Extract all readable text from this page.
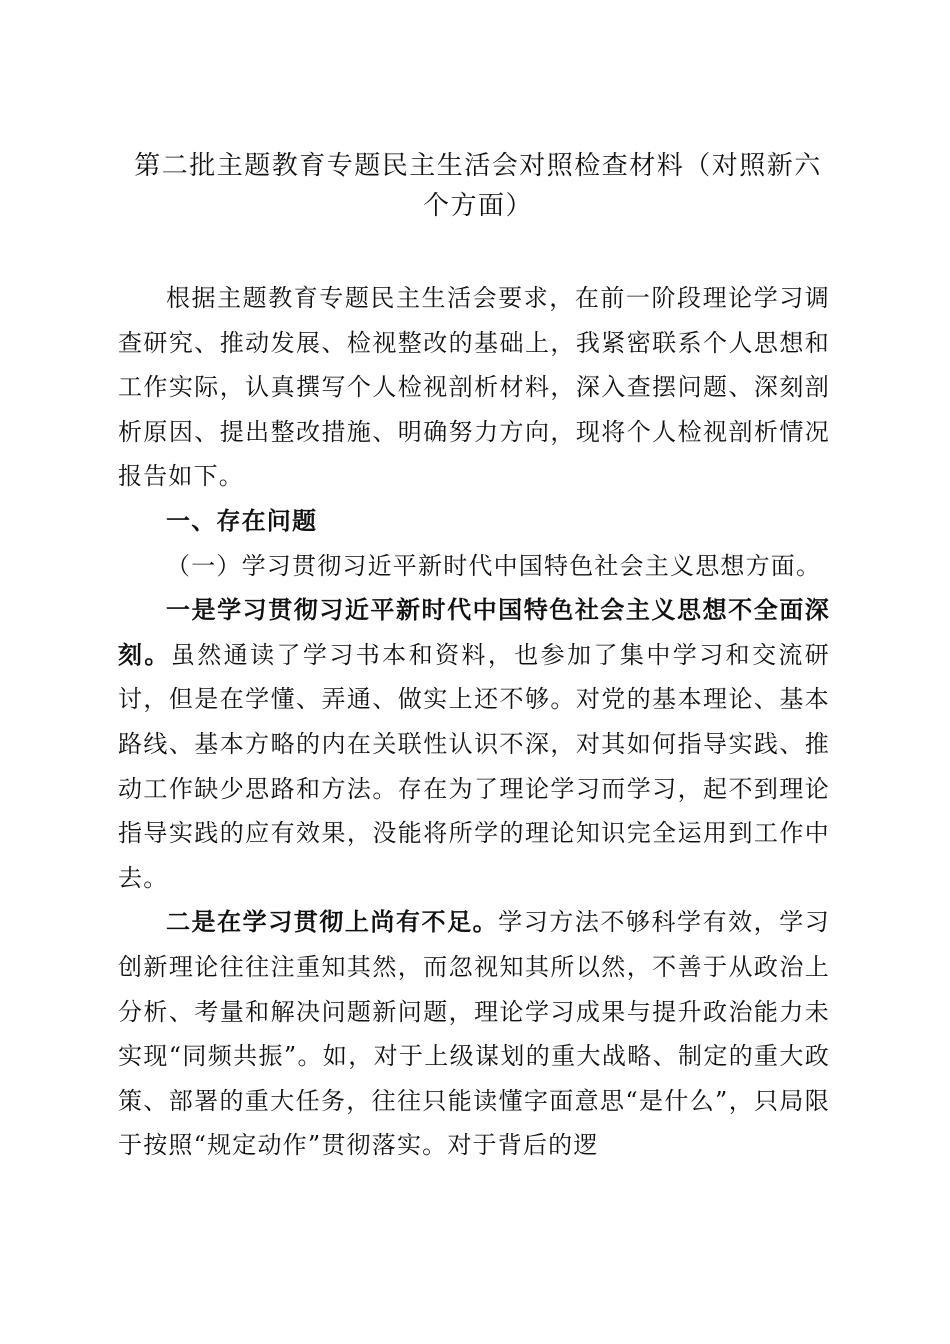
第二批主题教育专题民主生活会对照检查材料（对照新六个方面）

根据主题教育专题民主生活会要求，在前一阶段理论学习调查研究、推动发展、检视整改的基础上，我紧密联系个人思想和工作实际，认真撰写个人检视剖析材料，深入查摆问题、深刻剖析原因、提出整改措施、明确努力方向，现将个人检视剖析情况报告如下。

一、存在问题

（一）学习贯彻习近平新时代中国特色社会主义思想方面。

一是学习贯彻习近平新时代中国特色社会主义思想不全面深刻。虽然通读了学习书本和资料，也参加了集中学习和交流研讨，但是在学懂、弄通、做实上还不够。对党的基本理论、基本路线、基本方略的内在关联性认识不深，对其如何指导实践、推动工作缺少思路和方法。存在为了理论学习而学习，起不到理论指导实践的应有效果，没能将所学的理论知识完全运用到工作中去。

二是在学习贯彻上尚有不足。学习方法不够科学有效，学习创新理论往往注重知其然，而忽视知其所以然，不善于从政治上分析、考量和解决问题新问题，理论学习成果与提升政治能力未实现“同频共振”。如，对于上级谋划的重大战略、制定的重大政策、部署的重大任务，往往只能读懂字面意思“是什么”，只局限于按照“规定动作”贯彻落实。对于背后的逻
